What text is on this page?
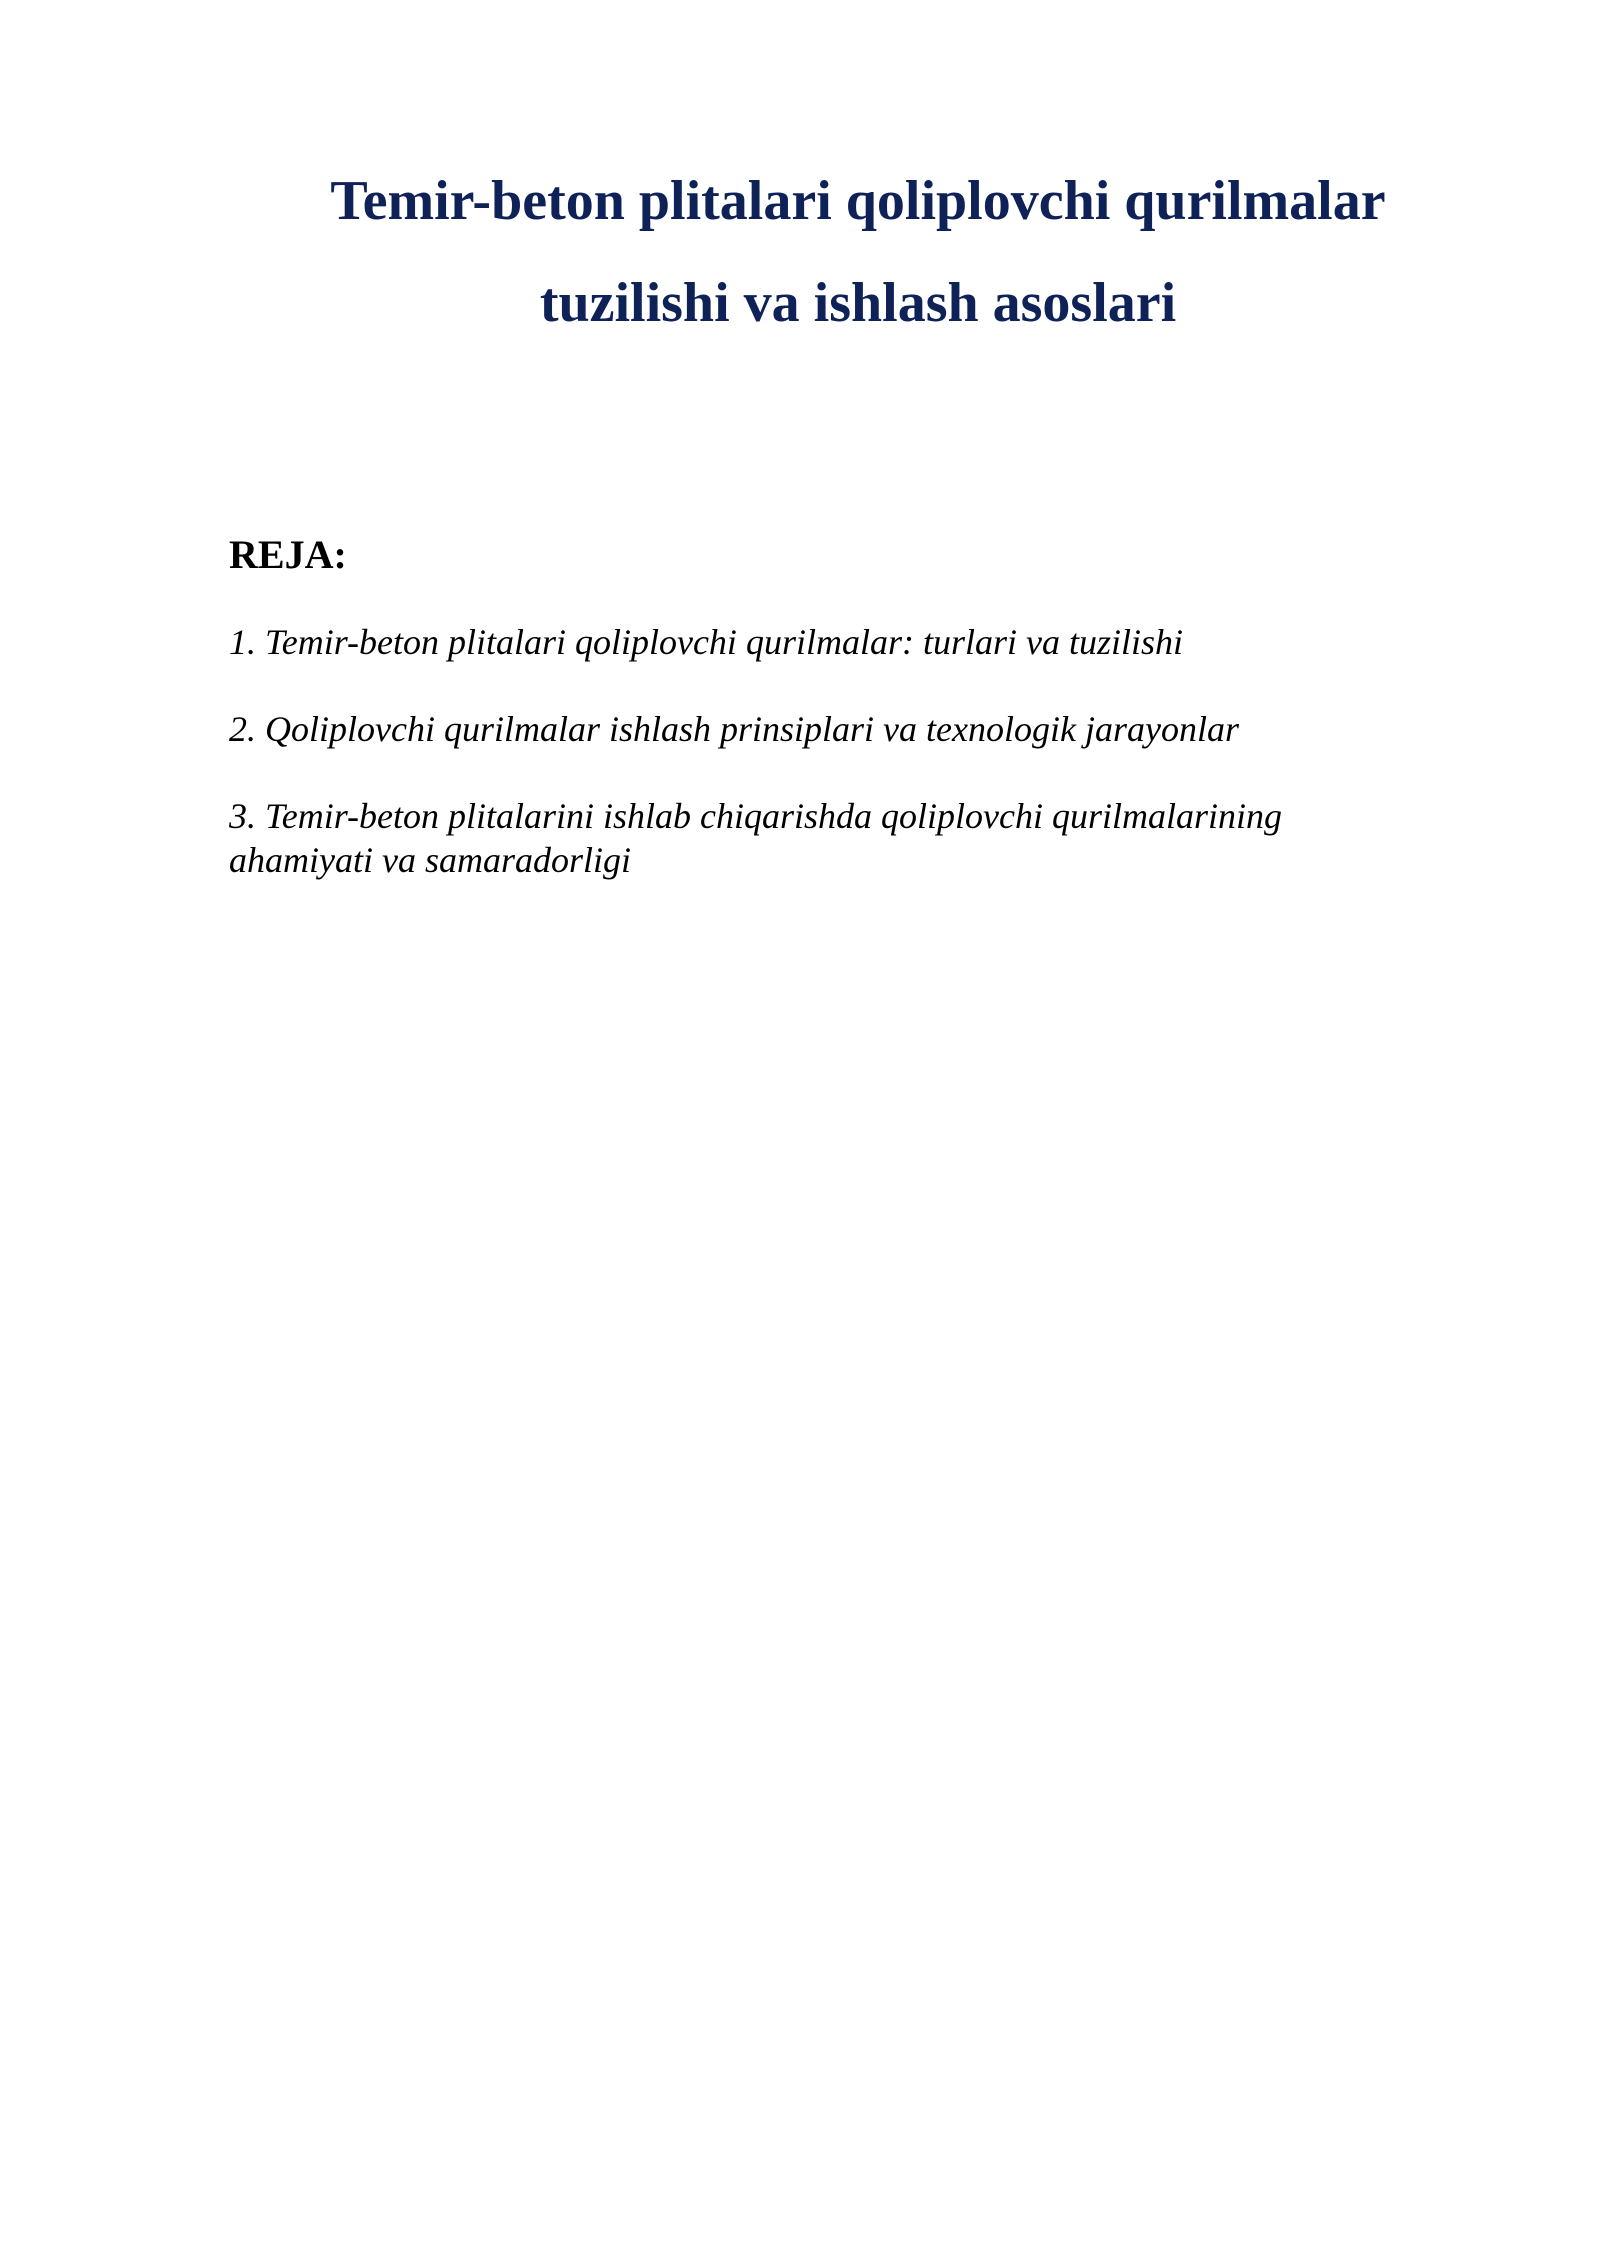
Temir-beton plitalari qoliplovchi qurilmalar
tuzilishi va ishlash asoslari
REJA:
1. Temir-beton plitalari qoliplovchi qurilmalar: turlari va tuzilishi
2. Qoliplovchi qurilmalar ishlash prinsiplari va texnologik jarayonlar
3. Temir-beton plitalarini ishlab chiqarishda qoliplovchi qurilmalarining ahamiyati va samaradorligi
